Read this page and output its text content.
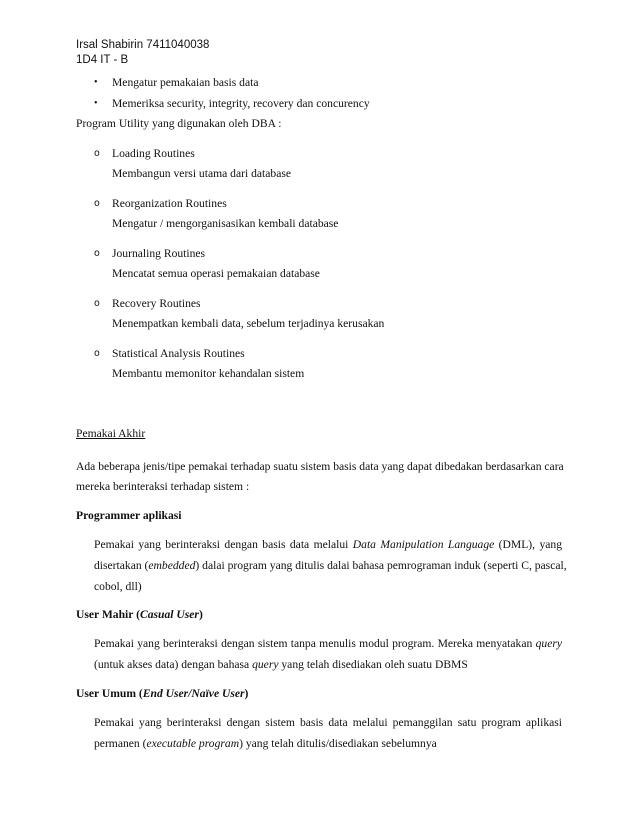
Irsal Shabirin 7411040038
1D4 IT - B
• Mengatur pemakaian basis data
• Memeriksa security, integrity, recovery dan concurency
Program Utility yang digunakan oleh DBA :
o Loading Routines
Membangun versi utama dari database
o Reorganization Routines
Mengatur / mengorganisasikan kembali database
o Journaling Routines
Mencatat semua operasi pemakaian database
o Recovery Routines
Menempatkan kembali data, sebelum terjadinya kerusakan
o Statistical Analysis Routines
Membantu memonitor kehandalan sistem
Pemakai Akhir
Ada beberapa jenis/tipe pemakai terhadap suatu sistem basis data yang dapat dibedakan berdasarkan cara
mereka berinteraksi terhadap sistem :
Programmer aplikasi
Pemakai yang berinteraksi dengan basis data melalui Data Manipulation Language (DML), yang
disertakan (embedded) dalai program yang ditulis dalai bahasa pemrograman induk (seperti C, pascal,
cobol, dll)
User Mahir (Casual User)
Pemakai yang berinteraksi dengan sistem tanpa menulis modul program. Mereka menyatakan query
(untuk akses data) dengan bahasa query yang telah disediakan oleh suatu DBMS
User Umum (End User/Naïve User)
Pemakai yang berinteraksi dengan sistem basis data melalui pemanggilan satu program aplikasi
permanen (executable program) yang telah ditulis/disediakan sebelumnya
